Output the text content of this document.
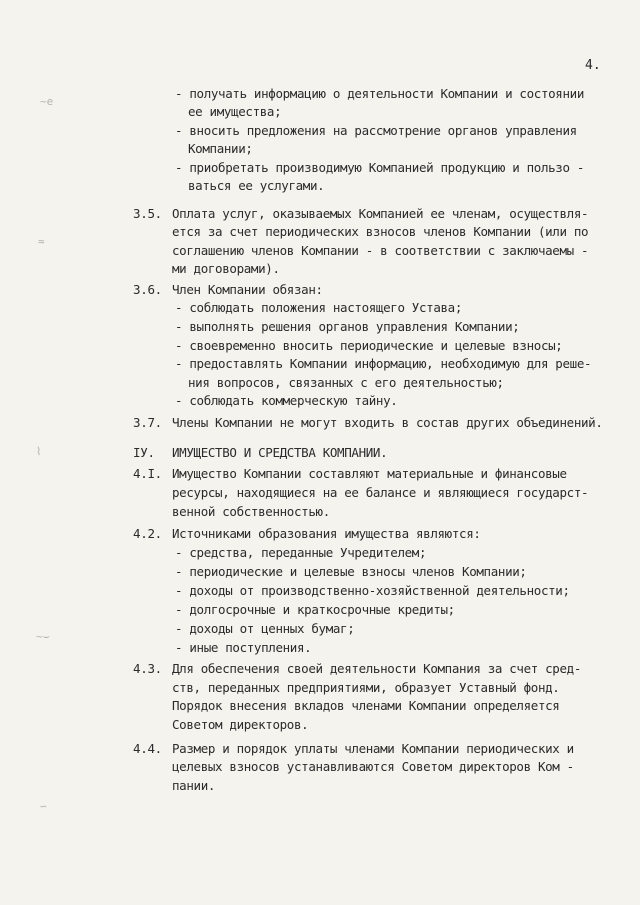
4.
~e
≈
⌇
~⌣
∽
- получать информацию о деятельности Компании и состоянии
ее имущества;
- вносить предложения на рассмотрение органов управления
Компании;
- приобретать производимую Компанией продукцию и пользо -
ваться ее услугами.
3.5. Оплата услуг, оказываемых Компанией ее членам, осуществля-
ется за счет периодических взносов членов Компании (или по
соглашению членов Компании - в соответствии с заключаемы -
ми договорами).
3.6. Член Компании обязан:
- соблюдать положения настоящего Устава;
- выполнять решения органов управления Компании;
- своевременно вносить периодические и целевые взносы;
- предоставлять Компании информацию, необходимую для реше-
ния вопросов, связанных с его деятельностью;
- соблюдать коммерческую тайну.
3.7. Члены Компании не могут входить в состав других объединений.
IУ. ИМУЩЕСТВО И СРЕДСТВА КОМПАНИИ.
4.I. Имущество Компании составляют материальные и финансовые
ресурсы, находящиеся на ее балансе и являющиеся государст-
венной собственностью.
4.2. Источниками образования имущества являются:
- средства, переданные Учредителем;
- периодические и целевые взносы членов Компании;
- доходы от производственно-хозяйственной деятельности;
- долгосрочные и краткосрочные кредиты;
- доходы от ценных бумаг;
- иные поступления.
4.3. Для обеспечения своей деятельности Компания за счет сред-
ств, переданных предприятиями, образует Уставный фонд.
Порядок внесения вкладов членами Компании определяется
Советом директоров.
4.4. Размер и порядок уплаты членами Компании периодических и
целевых взносов устанавливаются Советом директоров Ком -
пании.
